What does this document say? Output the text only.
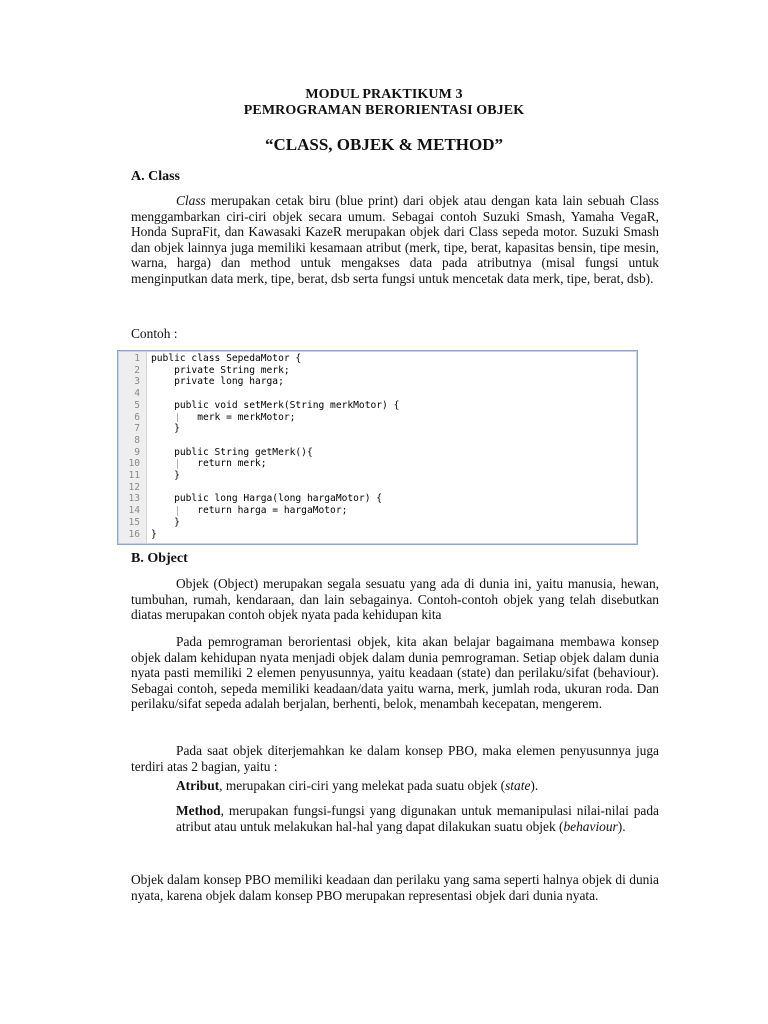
MODUL PRAKTIKUM 3
PEMROGRAMAN BERORIENTASI OBJEK
“CLASS, OBJEK & METHOD”
A. Class

Class merupakan cetak biru (blue print) dari objek atau dengan kata lain sebuah Class menggambarkan ciri-ciri objek secara umum. Sebagai contoh Suzuki Smash, Yamaha VegaR, Honda SupraFit, dan Kawasaki KazeR merupakan objek dari Class sepeda motor. Suzuki Smash dan objek lainnya juga memiliki kesamaan atribut (merk, tipe, berat, kapasitas bensin, tipe mesin, warna, harga) dan method untuk mengakses data pada atributnya (misal fungsi untuk menginputkan data merk, tipe, berat, dsb serta fungsi untuk mencetak data merk, tipe, berat, dsb).

Contoh :
1 public class SepedaMotor {
2 private String merk;
3 private long harga;
4
5 public void setMerk(String merkMotor) {
6 merk = merkMotor;
7 }
8
9 public String getMerk(){
10 return merk;
11 }
12
13 public long Harga(long hargaMotor) {
14 return harga = hargaMotor;
15 }
16 }
B. Object

Objek (Object) merupakan segala sesuatu yang ada di dunia ini, yaitu manusia, hewan, tumbuhan, rumah, kendaraan, dan lain sebagainya. Contoh-contoh objek yang telah disebutkan diatas merupakan contoh objek nyata pada kehidupan kita

Pada pemrograman berorientasi objek, kita akan belajar bagaimana membawa konsep objek dalam kehidupan nyata menjadi objek dalam dunia pemrograman. Setiap objek dalam dunia nyata pasti memiliki 2 elemen penyusunnya, yaitu keadaan (state) dan perilaku/sifat (behaviour). Sebagai contoh, sepeda memiliki keadaan/data yaitu warna, merk, jumlah roda, ukuran roda. Dan perilaku/sifat sepeda adalah berjalan, berhenti, belok, menambah kecepatan, mengerem.

Pada saat objek diterjemahkan ke dalam konsep PBO, maka elemen penyusunnya juga terdiri atas 2 bagian, yaitu :

Atribut, merupakan ciri-ciri yang melekat pada suatu objek (state).

Method, merupakan fungsi-fungsi yang digunakan untuk memanipulasi nilai-nilai pada atribut atau untuk melakukan hal-hal yang dapat dilakukan suatu objek (behaviour).

Objek dalam konsep PBO memiliki keadaan dan perilaku yang sama seperti halnya objek di dunia nyata, karena objek dalam konsep PBO merupakan representasi objek dari dunia nyata.
